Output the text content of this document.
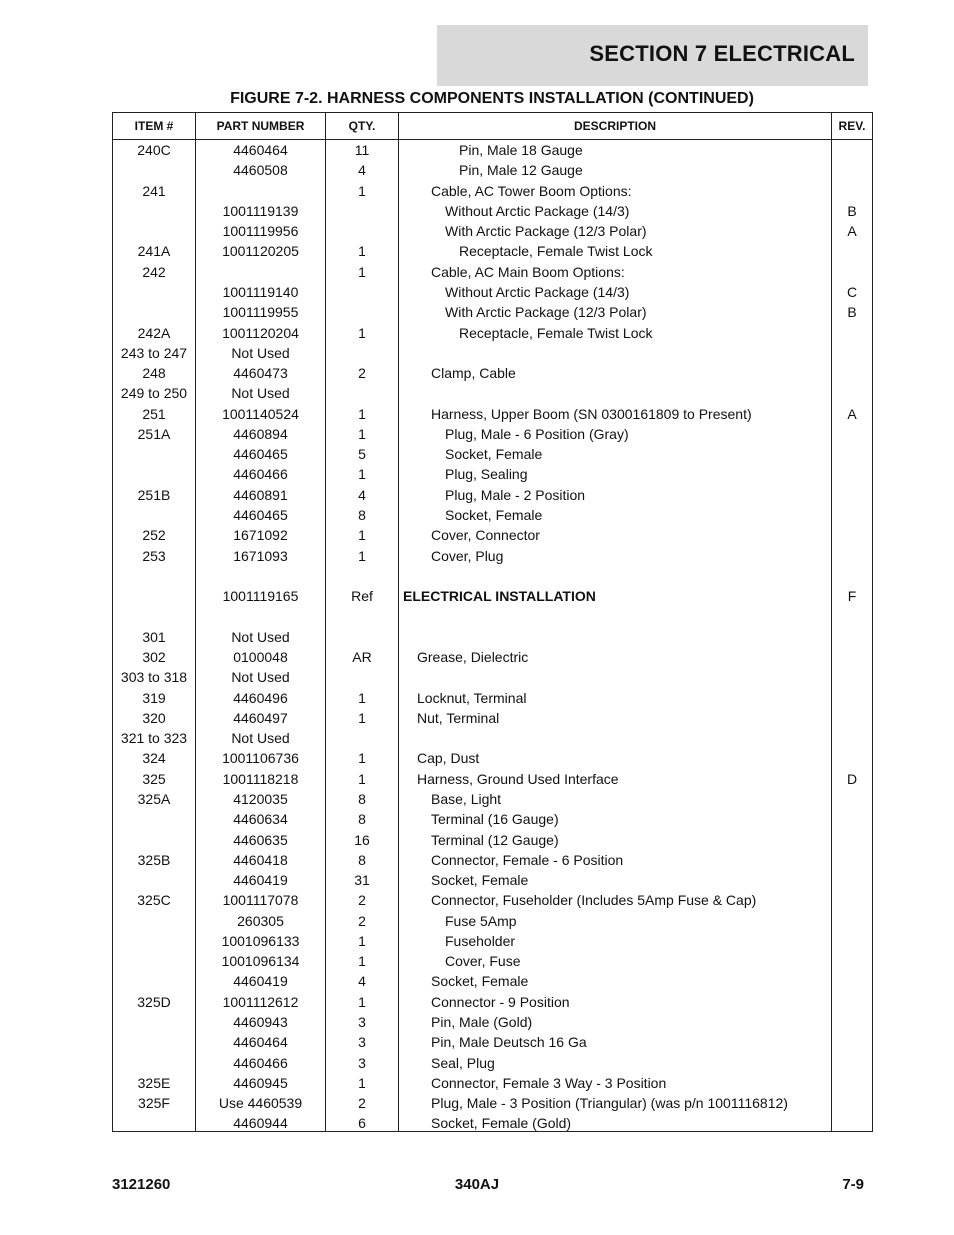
SECTION 7 ELECTRICAL
FIGURE 7-2. HARNESS COMPONENTS INSTALLATION (CONTINUED)
ITEM #	PART NUMBER	QTY.	DESCRIPTION	REV.
240C	4460464	11	Pin, Male 18 Gauge
4460508	4	Pin, Male 12 Gauge
241	1	Cable, AC Tower Boom Options:
1001119139	Without Arctic Package (14/3)	B
1001119956	With Arctic Package (12/3 Polar)	A
241A	1001120205	1	Receptacle, Female Twist Lock
242	1	Cable, AC Main Boom Options:
1001119140	Without Arctic Package (14/3)	C
1001119955	With Arctic Package (12/3 Polar)	B
242A	1001120204	1	Receptacle, Female Twist Lock
243 to 247	Not Used
248	4460473	2	Clamp, Cable
249 to 250	Not Used
251	1001140524	1	Harness, Upper Boom (SN 0300161809 to Present)	A
251A	4460894	1	Plug, Male - 6 Position (Gray)
4460465	5	Socket, Female
4460466	1	Plug, Sealing
251B	4460891	4	Plug, Male - 2 Position
4460465	8	Socket, Female
252	1671092	1	Cover, Connector
253	1671093	1	Cover, Plug
1001119165	Ref	ELECTRICAL INSTALLATION	F
301	Not Used
302	0100048	AR	Grease, Dielectric
303 to 318	Not Used
319	4460496	1	Locknut, Terminal
320	4460497	1	Nut, Terminal
321 to 323	Not Used
324	1001106736	1	Cap, Dust
325	1001118218	1	Harness, Ground Used Interface	D
325A	4120035	8	Base, Light
4460634	8	Terminal (16 Gauge)
4460635	16	Terminal (12 Gauge)
325B	4460418	8	Connector, Female - 6 Position
4460419	31	Socket, Female
325C	1001117078	2	Connector, Fuseholder (Includes 5Amp Fuse & Cap)
260305	2	Fuse 5Amp
1001096133	1	Fuseholder
1001096134	1	Cover, Fuse
4460419	4	Socket, Female
325D	1001112612	1	Connector - 9 Position
4460943	3	Pin, Male (Gold)
4460464	3	Pin, Male Deutsch 16 Ga
4460466	3	Seal, Plug
325E	4460945	1	Connector, Female 3 Way - 3 Position
325F	Use 4460539	2	Plug, Male - 3 Position (Triangular) (was p/n 1001116812)
4460944	6	Socket, Female (Gold)
3121260	340AJ	7-9
